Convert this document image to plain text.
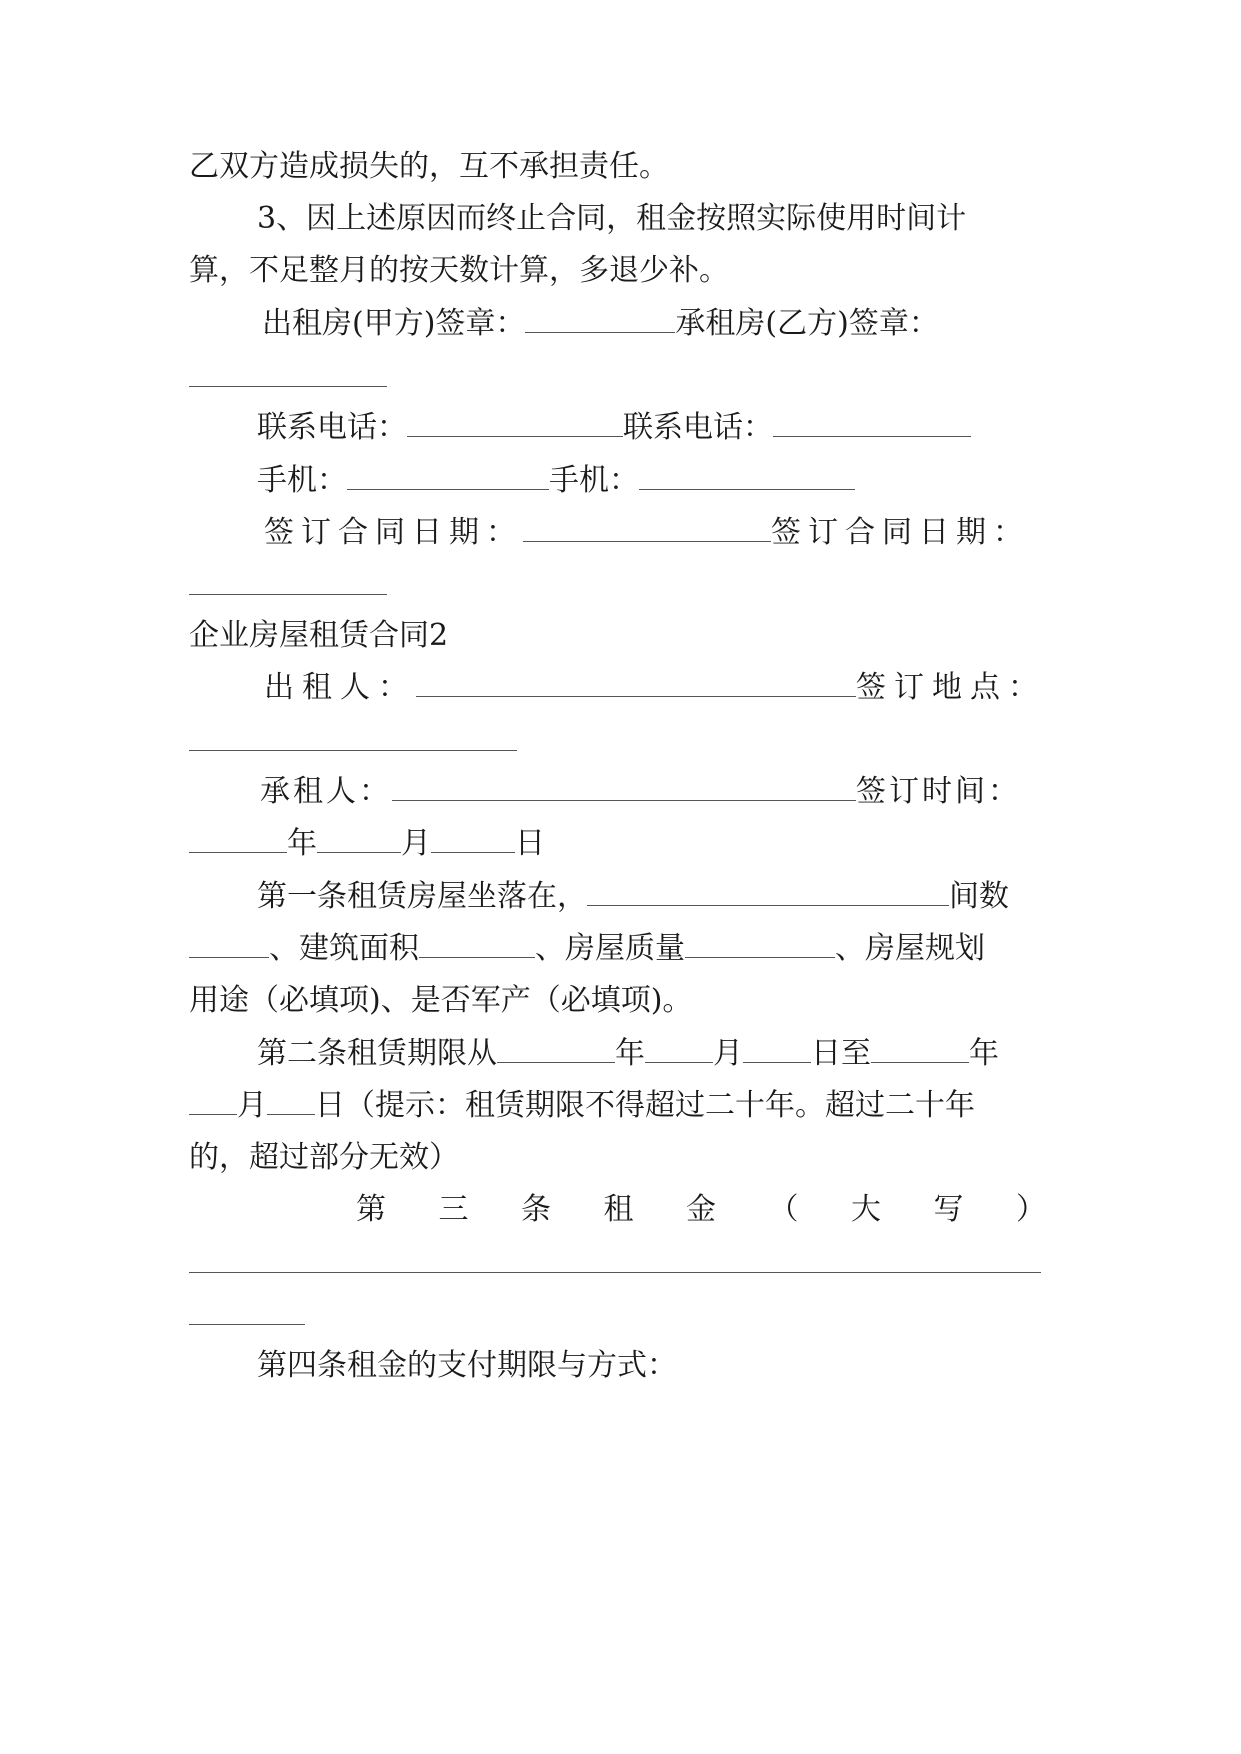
乙双方造成损失的，互不承担责任。
3、因上述原因而终止合同，租金按照实际使用时间计
算，不足整月的按天数计算，多退少补。
出租房(甲方)签章：	承租房(乙方)签章：
联系电话：	联系电话：
手机：	手机：
签订合同日期：	签订合同日期：
企业房屋租赁合同2
出租人：	签订地点：
承租人：	签订时间：
年	月	日
第一条租赁房屋坐落在，	间数
、建筑面积	、房屋质量	、房屋规划
用途（必填项)、是否军产（必填项)。
第二条租赁期限从	年 月 日至	年
月 日（提示：租赁期限不得超过二十年。超过二十年
的，超过部分无效）
第 三 条 租 金 （ 大 写 ）
第四条租金的支付期限与方式：
